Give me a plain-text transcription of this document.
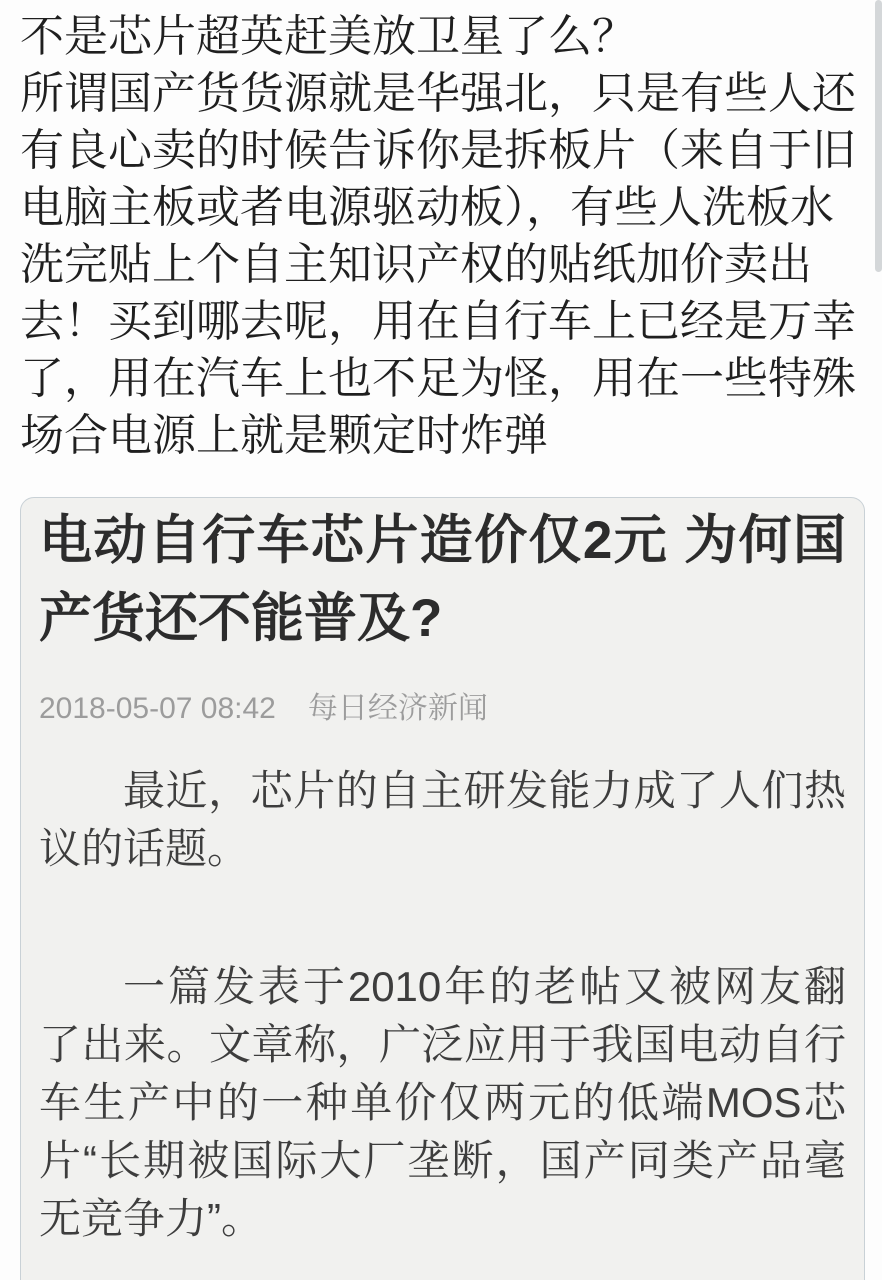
不是芯片超英赶美放卫星了么？
所谓国产货货源就是华强北，只是有些人还
有良心卖的时候告诉你是拆板片（来自于旧
电脑主板或者电源驱动板），有些人洗板水
洗完贴上个自主知识产权的贴纸加价卖出
去！买到哪去呢，用在自行车上已经是万幸
了，用在汽车上也不足为怪，用在一些特殊
场合电源上就是颗定时炸弹
电动自行车芯片造价仅2元 为何国
产货还不能普及?
2018-05-07 08:42 每日经济新闻
最近，芯片的自主研发能力成了人们热
议的话题。
一篇发表于2010年的老帖又被网友翻
了出来。文章称，广泛应用于我国电动自行
车生产中的一种单价仅两元的低端MOS芯
片“长期被国际大厂垄断，国产同类产品毫
无竞争力”。
